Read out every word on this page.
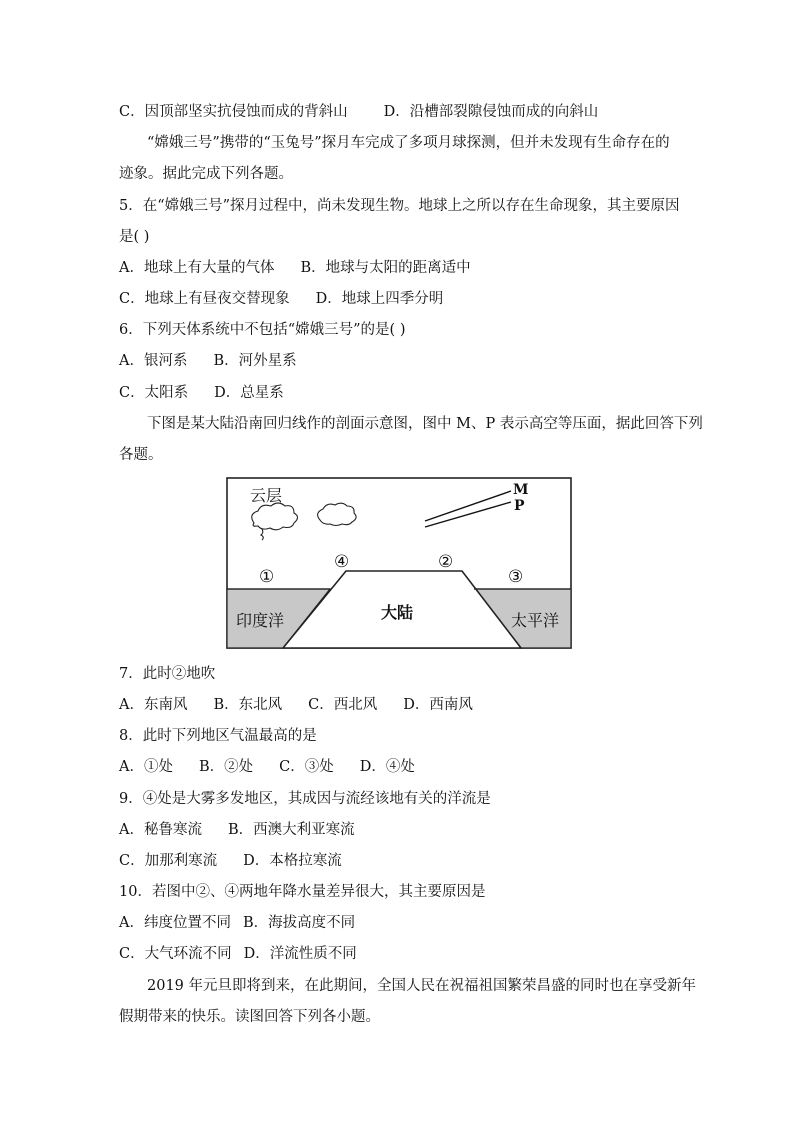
C．因顶部坚实抗侵蚀而成的背斜山 D．沿槽部裂隙侵蚀而成的向斜山
“嫦娥三号”携带的“玉兔号”探月车完成了多项月球探测，但并未发现有生命存在的
迹象。据此完成下列各题。
5．在“嫦娥三号”探月过程中，尚未发现生物。地球上之所以存在生命现象，其主要原因
是( )
A．地球上有大量的气体 B．地球与太阳的距离适中
C．地球上有昼夜交替现象 D．地球上四季分明
6．下列天体系统中不包括“嫦娥三号”的是( )
A．银河系 B．河外星系
C．太阳系 D．总星系
下图是某大陆沿南回归线作的剖面示意图，图中 M、P 表示高空等压面，据此回答下列
各题。
云层	M
P
①
④	②
③
印度洋	大陆	太平洋
7．此时②地吹
A．东南风 B．东北风 C．西北风 D．西南风
8．此时下列地区气温最高的是
A．①处 B．②处 C．③处 D．④处
9．④处是大雾多发地区，其成因与流经该地有关的洋流是
A．秘鲁寒流 B．西澳大利亚寒流
C．加那利寒流 D．本格拉寒流
10．若图中②、④两地年降水量差异很大，其主要原因是
A．纬度位置不同 B．海拔高度不同
C．大气环流不同 D．洋流性质不同
2019 年元旦即将到来，在此期间，全国人民在祝福祖国繁荣昌盛的同时也在享受新年
假期带来的快乐。读图回答下列各小题。
